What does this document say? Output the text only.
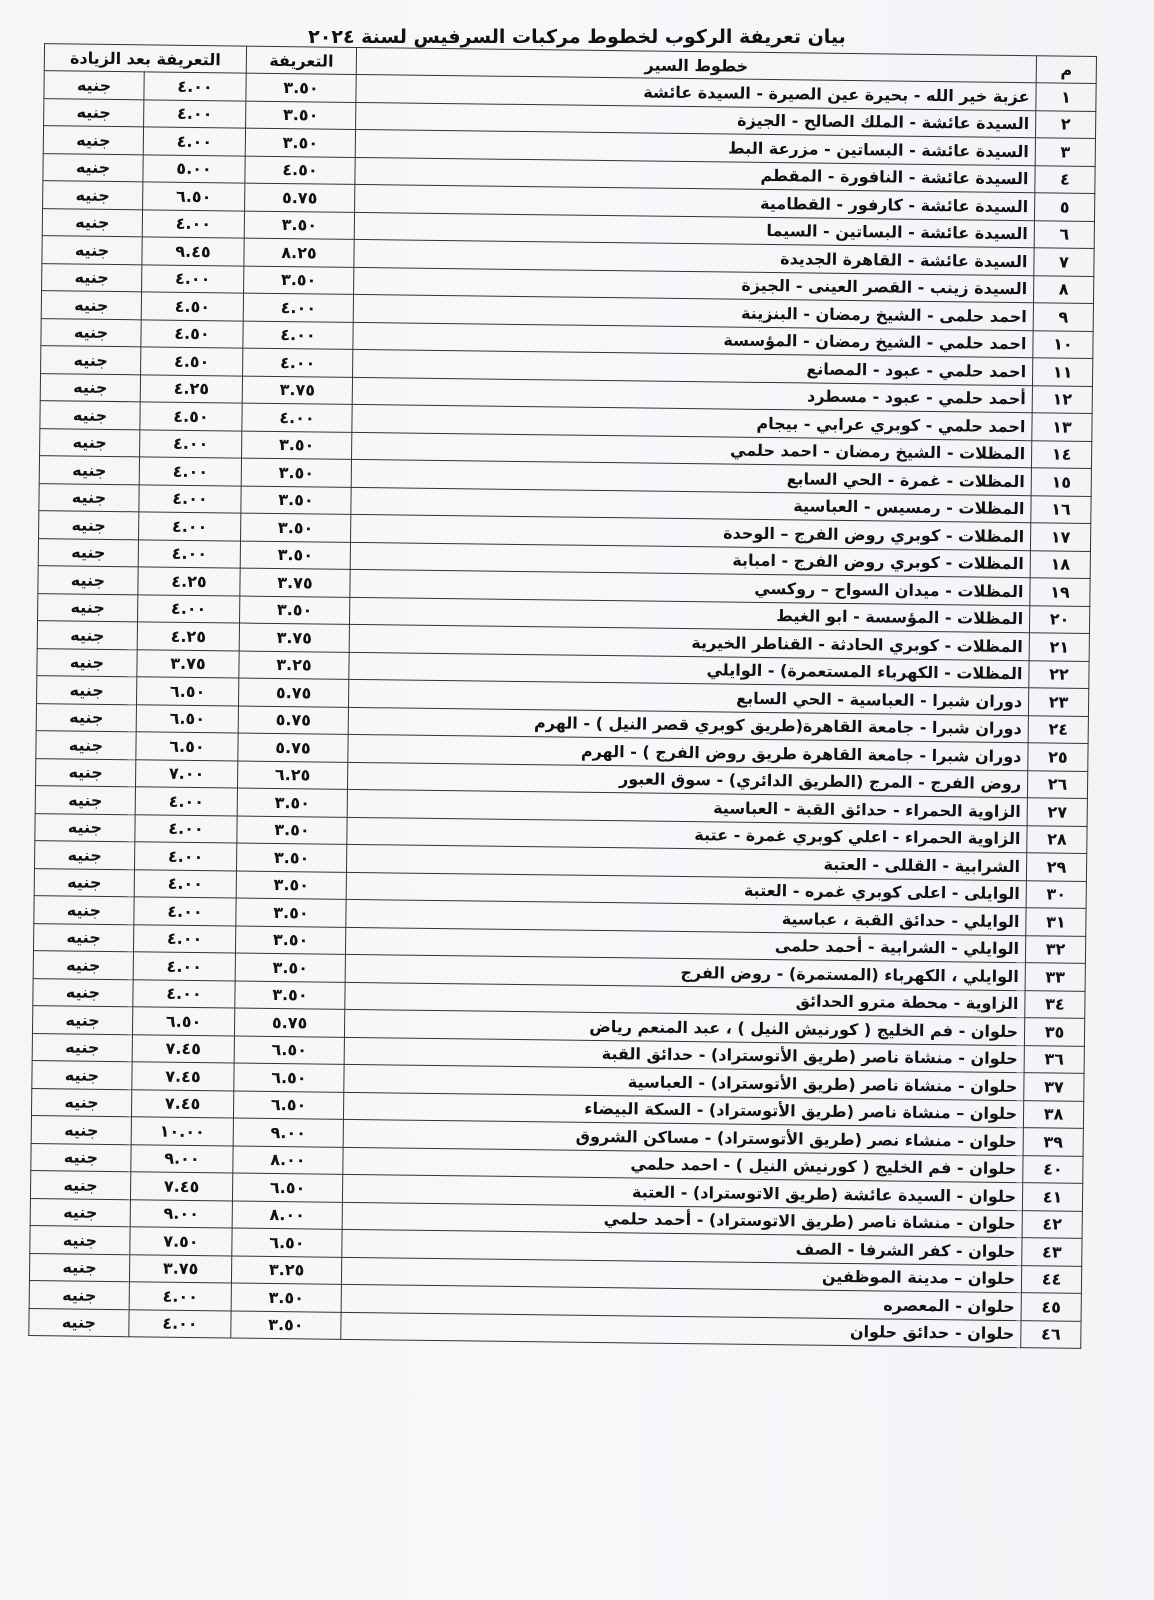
بيان تعريفة الركوب لخطوط مركبات السرفيس لسنة ٢٠٢٤
م	خطوط السير	التعريفة	التعريفة بعد الزيادة	
١	عزبة خير الله - بحيرة عين الصيرة - السيدة عائشة	٣.٥٠	٤.٠٠	جنيه
٢	السيدة عائشة - الملك الصالح - الجيزة	٣.٥٠	٤.٠٠	جنيه
٣	السيدة عائشة - البساتين - مزرعة البط	٣.٥٠	٤.٠٠	جنيه
٤	السيدة عائشة - النافورة - المقطم	٤.٥٠	٥.٠٠	جنيه
٥	السيدة عائشة - كارفور - القطامية	٥.٧٥	٦.٥٠	جنيه
٦	السيدة عائشة - البساتين - السيما	٣.٥٠	٤.٠٠	جنيه
٧	السيدة عائشة - القاهرة الجديدة	٨.٢٥	٩.٤٥	جنيه
٨	السيدة زينب - القصر العينى - الجيزة	٣.٥٠	٤.٠٠	جنيه
٩	احمد حلمى - الشيخ رمضان - البنزينة	٤.٠٠	٤.٥٠	جنيه
١٠	احمد حلمي - الشيخ رمضان - المؤسسة	٤.٠٠	٤.٥٠	جنيه
١١	احمد حلمي - عبود - المصانع	٤.٠٠	٤.٥٠	جنيه
١٢	أحمد حلمي - عبود - مسطرد	٣.٧٥	٤.٢٥	جنيه
١٣	احمد حلمي - كوبري عرابي - بيجام	٤.٠٠	٤.٥٠	جنيه
١٤	المظلات - الشيخ رمضان - احمد حلمي	٣.٥٠	٤.٠٠	جنيه
١٥	المظلات - غمرة - الحي السابع	٣.٥٠	٤.٠٠	جنيه
١٦	المظلات - رمسيس - العباسية	٣.٥٠	٤.٠٠	جنيه
١٧	المظلات - كوبري روض الفرج – الوحدة	٣.٥٠	٤.٠٠	جنيه
١٨	المظلات - كوبري روض الفرج - امبابة	٣.٥٠	٤.٠٠	جنيه
١٩	المظلات - ميدان السواح – روكسي	٣.٧٥	٤.٢٥	جنيه
٢٠	المظلات - المؤسسة - ابو الغيط	٣.٥٠	٤.٠٠	جنيه
٢١	المظلات - كوبري الحادثة - القناطر الخيرية	٣.٧٥	٤.٢٥	جنيه
٢٢	المظلات - الكهرباء المستعمرة) - الوايلي	٣.٢٥	٣.٧٥	جنيه
٢٣	دوران شبرا - العباسية - الحي السابع	٥.٧٥	٦.٥٠	جنيه
٢٤	دوران شبرا - جامعة القاهرة(طريق كوبري قصر النيل ) - الهرم	٥.٧٥	٦.٥٠	جنيه
٢٥	دوران شبرا - جامعة القاهرة طريق روض الفرج ) - الهرم	٥.٧٥	٦.٥٠	جنيه
٢٦	روض الفرج - المرج (الطريق الدائري) - سوق العبور	٦.٢٥	٧.٠٠	جنيه
٢٧	الزاوية الحمراء - حدائق القبة - العباسية	٣.٥٠	٤.٠٠	جنيه
٢٨	الزاوية الحمراء - اعلي كوبري غمرة - عتبة	٣.٥٠	٤.٠٠	جنيه
٢٩	الشرابية - القللى - العتبة	٣.٥٠	٤.٠٠	جنيه
٣٠	الوايلى - اعلى كوبري غمره - العتبة	٣.٥٠	٤.٠٠	جنيه
٣١	الوايلي - حدائق القبة ، عباسية	٣.٥٠	٤.٠٠	جنيه
٣٢	الوايلي - الشرابية - أحمد حلمى	٣.٥٠	٤.٠٠	جنيه
٣٣	الوايلي ، الكهرباء (المستمرة) - روض الفرج	٣.٥٠	٤.٠٠	جنيه
٣٤	الزاوية - محطة مترو الحدائق	٣.٥٠	٤.٠٠	جنيه
٣٥	حلوان - فم الخليج ( كورنيش النيل ) ، عبد المنعم رياض	٥.٧٥	٦.٥٠	جنيه
٣٦	حلوان - منشاة ناصر (طريق الأتوستراد) - حدائق القبة	٦.٥٠	٧.٤٥	جنيه
٣٧	حلوان - منشاة ناصر (طريق الأتوستراد) - العباسية	٦.٥٠	٧.٤٥	جنيه
٣٨	حلوان – منشاة ناصر (طريق الأتوستراد) - السكة البيضاء	٦.٥٠	٧.٤٥	جنيه
٣٩	حلوان - منشاء نصر (طريق الأتوستراد) - مساكن الشروق	٩.٠٠	١٠.٠٠	جنيه
٤٠	حلوان - فم الخليج ( كورنيش النيل ) - احمد حلمي	٨.٠٠	٩.٠٠	جنيه
٤١	حلوان - السيدة عائشة (طريق الاتوستراد) - العتبة	٦.٥٠	٧.٤٥	جنيه
٤٢	حلوان - منشاة ناصر (طريق الاتوستراد) - أحمد حلمي	٨.٠٠	٩.٠٠	جنيه
٤٣	حلوان - كفر الشرفا - الصف	٦.٥٠	٧.٥٠	جنيه
٤٤	حلوان – مدينة الموظفين	٣.٢٥	٣.٧٥	جنيه
٤٥	حلوان - المعصره	٣.٥٠	٤.٠٠	جنيه
٤٦	حلوان - حدائق حلوان	٣.٥٠	٤.٠٠	جنيه
